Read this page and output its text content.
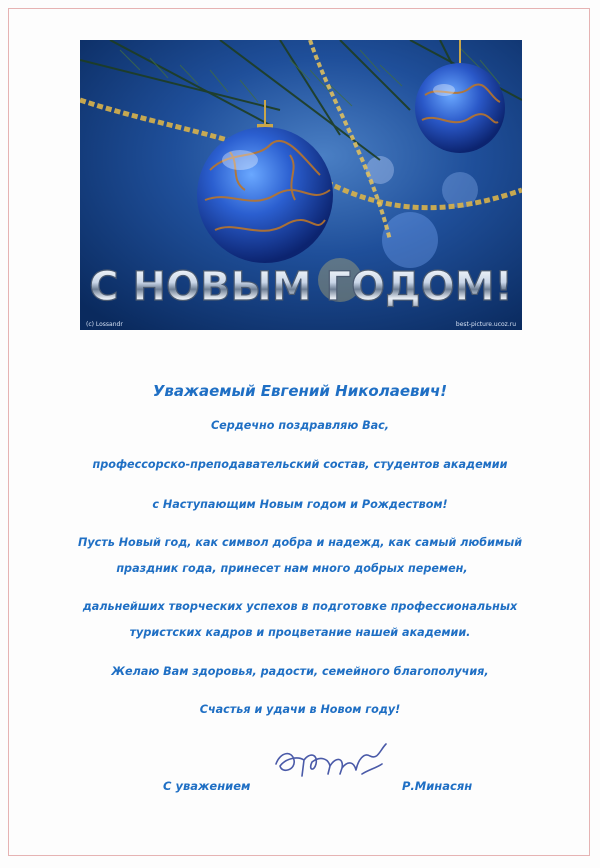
С НОВЫМ ГОДОМ!
(c) Lossandr	best-picture.ucoz.ru
Уважаемый Евгений Николаевич!
Сердечно поздравляю Вас,
профессорско-преподавательский состав, студентов академии
с Наступающим Новым годом и Рождеством!
Пусть Новый год, как символ добра и надежд, как самый любимый
праздник года, принесет нам много добрых перемен,
дальнейших творческих успехов в подготовке профессиональных
туристских кадров и процветание нашей академии.
Желаю Вам здоровья, радости, семейного благополучия,
Счастья и удачи в Новом году!
С уважением	Р.Минасян
